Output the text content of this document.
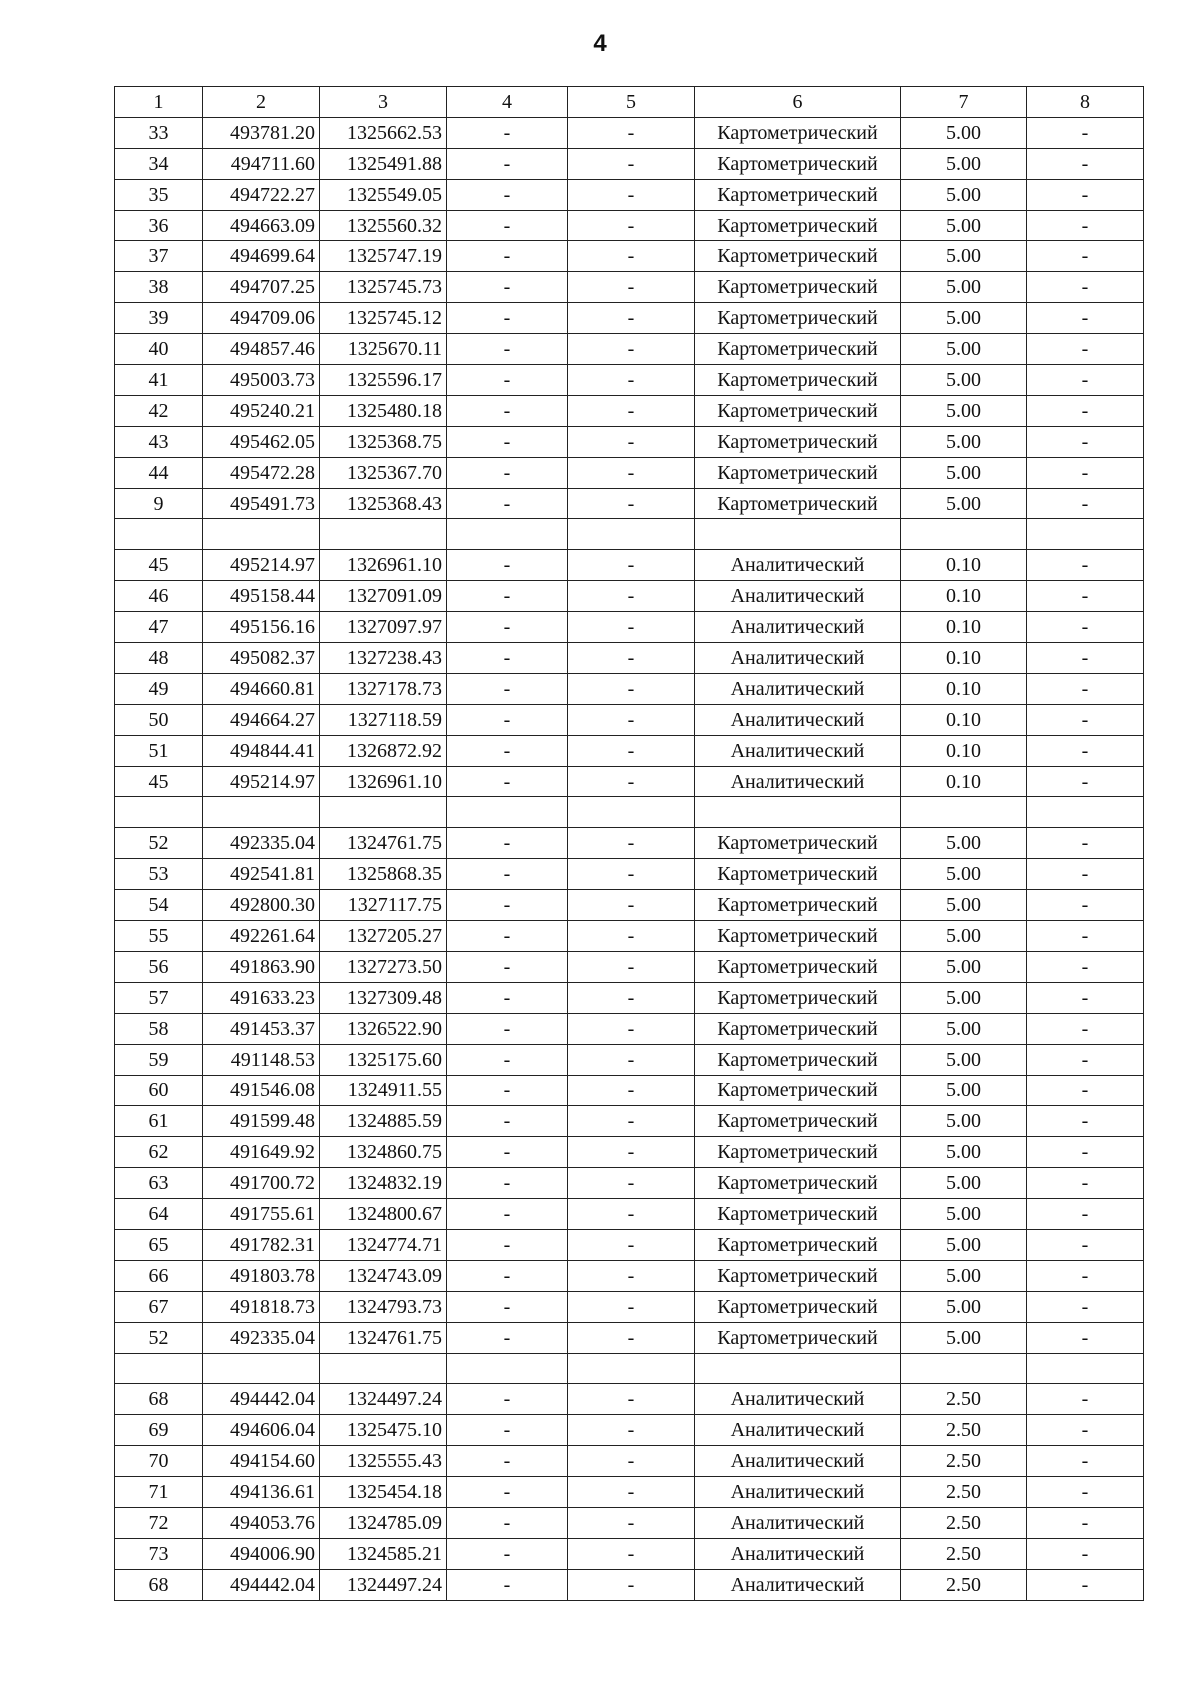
4
1	2	3	4	5	6	7	8
33	493781.20	1325662.53	-	-	Картометрический	5.00	-
34	494711.60	1325491.88	-	-	Картометрический	5.00	-
35	494722.27	1325549.05	-	-	Картометрический	5.00	-
36	494663.09	1325560.32	-	-	Картометрический	5.00	-
37	494699.64	1325747.19	-	-	Картометрический	5.00	-
38	494707.25	1325745.73	-	-	Картометрический	5.00	-
39	494709.06	1325745.12	-	-	Картометрический	5.00	-
40	494857.46	1325670.11	-	-	Картометрический	5.00	-
41	495003.73	1325596.17	-	-	Картометрический	5.00	-
42	495240.21	1325480.18	-	-	Картометрический	5.00	-
43	495462.05	1325368.75	-	-	Картометрический	5.00	-
44	495472.28	1325367.70	-	-	Картометрический	5.00	-
9	495491.73	1325368.43	-	-	Картометрический	5.00	-

45	495214.97	1326961.10	-	-	Аналитический	0.10	-
46	495158.44	1327091.09	-	-	Аналитический	0.10	-
47	495156.16	1327097.97	-	-	Аналитический	0.10	-
48	495082.37	1327238.43	-	-	Аналитический	0.10	-
49	494660.81	1327178.73	-	-	Аналитический	0.10	-
50	494664.27	1327118.59	-	-	Аналитический	0.10	-
51	494844.41	1326872.92	-	-	Аналитический	0.10	-
45	495214.97	1326961.10	-	-	Аналитический	0.10	-

52	492335.04	1324761.75	-	-	Картометрический	5.00	-
53	492541.81	1325868.35	-	-	Картометрический	5.00	-
54	492800.30	1327117.75	-	-	Картометрический	5.00	-
55	492261.64	1327205.27	-	-	Картометрический	5.00	-
56	491863.90	1327273.50	-	-	Картометрический	5.00	-
57	491633.23	1327309.48	-	-	Картометрический	5.00	-
58	491453.37	1326522.90	-	-	Картометрический	5.00	-
59	491148.53	1325175.60	-	-	Картометрический	5.00	-
60	491546.08	1324911.55	-	-	Картометрический	5.00	-
61	491599.48	1324885.59	-	-	Картометрический	5.00	-
62	491649.92	1324860.75	-	-	Картометрический	5.00	-
63	491700.72	1324832.19	-	-	Картометрический	5.00	-
64	491755.61	1324800.67	-	-	Картометрический	5.00	-
65	491782.31	1324774.71	-	-	Картометрический	5.00	-
66	491803.78	1324743.09	-	-	Картометрический	5.00	-
67	491818.73	1324793.73	-	-	Картометрический	5.00	-
52	492335.04	1324761.75	-	-	Картометрический	5.00	-

68	494442.04	1324497.24	-	-	Аналитический	2.50	-
69	494606.04	1325475.10	-	-	Аналитический	2.50	-
70	494154.60	1325555.43	-	-	Аналитический	2.50	-
71	494136.61	1325454.18	-	-	Аналитический	2.50	-
72	494053.76	1324785.09	-	-	Аналитический	2.50	-
73	494006.90	1324585.21	-	-	Аналитический	2.50	-
68	494442.04	1324497.24	-	-	Аналитический	2.50	-
